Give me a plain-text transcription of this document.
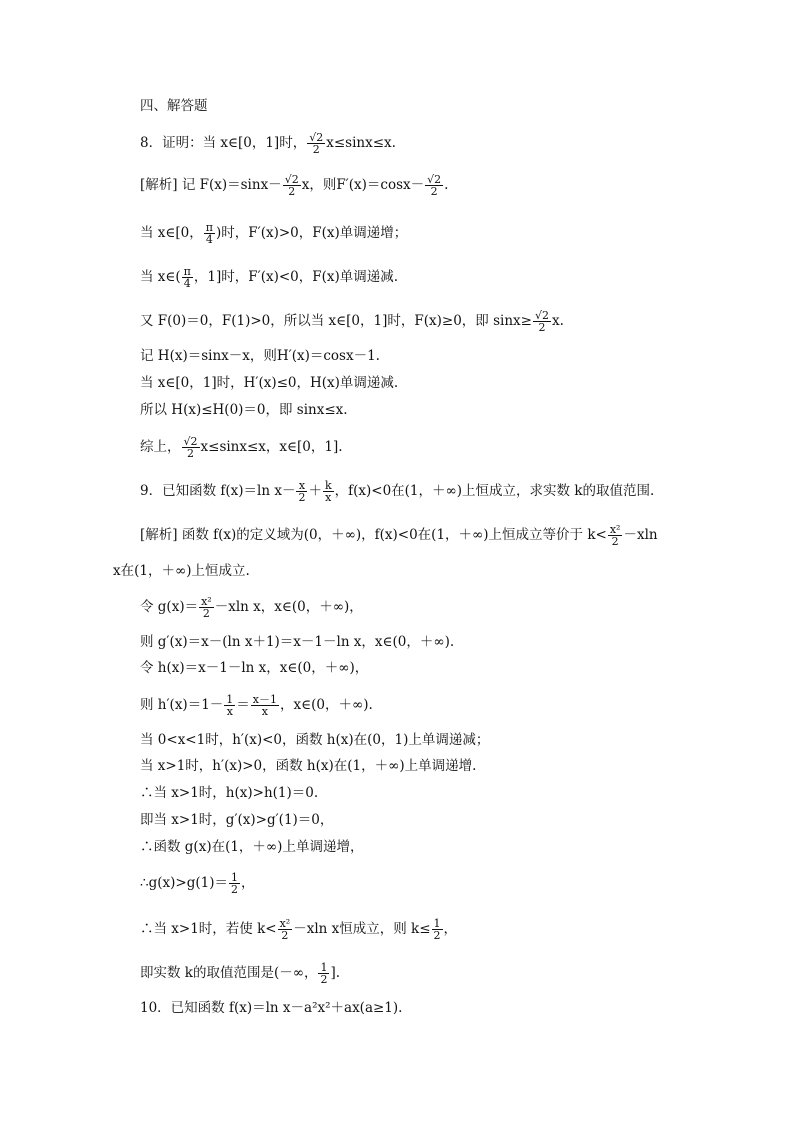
四、解答题
8．证明：当 x∈[0，1]时， $\frac{√2}{2} x\le\sin x\le x$.
[解析] 记 $F(x)=\sin x- \frac{√2}{2}$ x，则$F'(x)=\cos x- \frac{√2}{2}$ .
当 x∈[0， $\frac{\pi}{4}$ )时，F′(x)>0，F(x)单调递增；
当 x∈( $\frac{\pi}{4}$ ，1]时，F′(x)<0，F(x)单调递减.
又 F(0)＝0，F(1)>0，所以当 x∈[0，1]时，F(x)≥0，即 $\sin x\ge \frac{√2}{2} x$.
记 H(x)＝sinx－x，则H′(x)＝cosx－1.
当 x∈[0，1]时，H′(x)≤0，H(x)单调递减.
所以 H(x)≤H(0)＝0，即 sinx≤x.
综上， $\frac{√2}{2} x\le\sin x\le x$，x∈[0，1].
9．已知函数 f(x)＝ln $x- \frac{x}{2} + \frac{k}{x}$ ，f(x)<0在(1，＋∞)上恒成立，求实数 k的取值范围.
[解析] 函数 f(x)的定义域为(0，＋∞)，f(x)<0在(1，＋∞)上恒成立等价于 $k< \frac{\text{x²}}{2} -xln$
x在(1，＋∞)上恒成立.
令 $g(x)= \frac{\text{x²}}{2} -xln$ x，x∈(0，＋∞)，
则 g′(x)＝x－(ln x＋1)＝x－1－ln x，x∈(0，＋∞).
令 h(x)＝x－1－ln x，x∈(0，＋∞)，
则 $h'(x)=1- \frac{1}{x} = \frac{x-1}{x}$ ，x∈(0，＋∞).
当 0<x<1时，h′(x)<0，函数 h(x)在(0，1)上单调递减；
当 x>1时，h′(x)>0，函数 h(x)在(1，＋∞)上单调递增.
∴当 x>1时，h(x)>h(1)＝0.
即当 x>1时，g′(x)>g′(1)＝0，
∴函数 g(x)在(1，＋∞)上单调递增，
∴g(x)>g(1)＝ $\frac{1}{2}$ ，
∴当 x>1时，若使 $k< \frac{\text{x²}}{2} -xln$ x恒成立，则 $k\le \frac{1}{2}$ ，
即实数 k的取值范围是(－∞， $\frac{1}{2}$ ].
10．已知函数 f(x)＝ln x－a²x²＋ax(a≥1).
